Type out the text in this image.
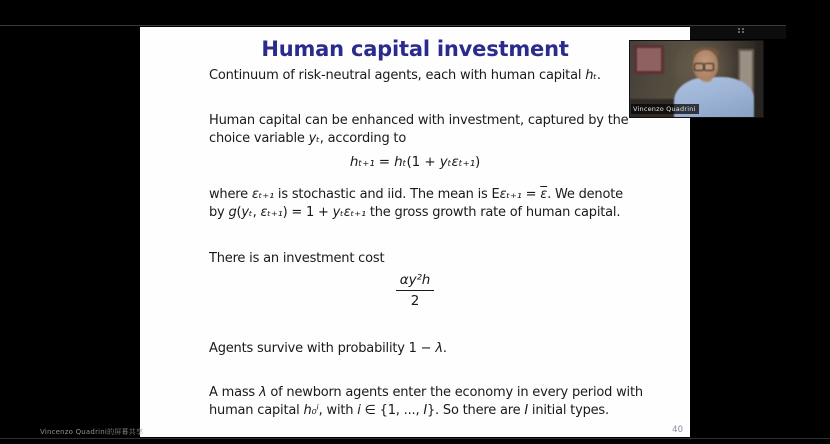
Human capital investment
Continuum of risk-neutral agents, each with human capital hₜ.
Human capital can be enhanced with investment, captured by the
choice variable yₜ, according to
hₜ₊₁ = hₜ(1 + yₜεₜ₊₁)
where εₜ₊₁ is stochastic and iid. The mean is $E\varepsilon_{t+1} = \overline{\varepsilon}$. We denote
by g(yₜ, εₜ₊₁) = 1 + yₜεₜ₊₁ the gross growth rate of human capital.
There is an investment cost
$\frac{\text{αy²h}}{2}$
Agents survive with probability 1 − λ.
A mass λ of newborn agents enter the economy in every period with
human capital h₀ⁱ, with i ∈ {1, ..., I}. So there are I initial types.
40
Vincenzo Quadrini
Vincenzo Quadrini的屏幕共享
